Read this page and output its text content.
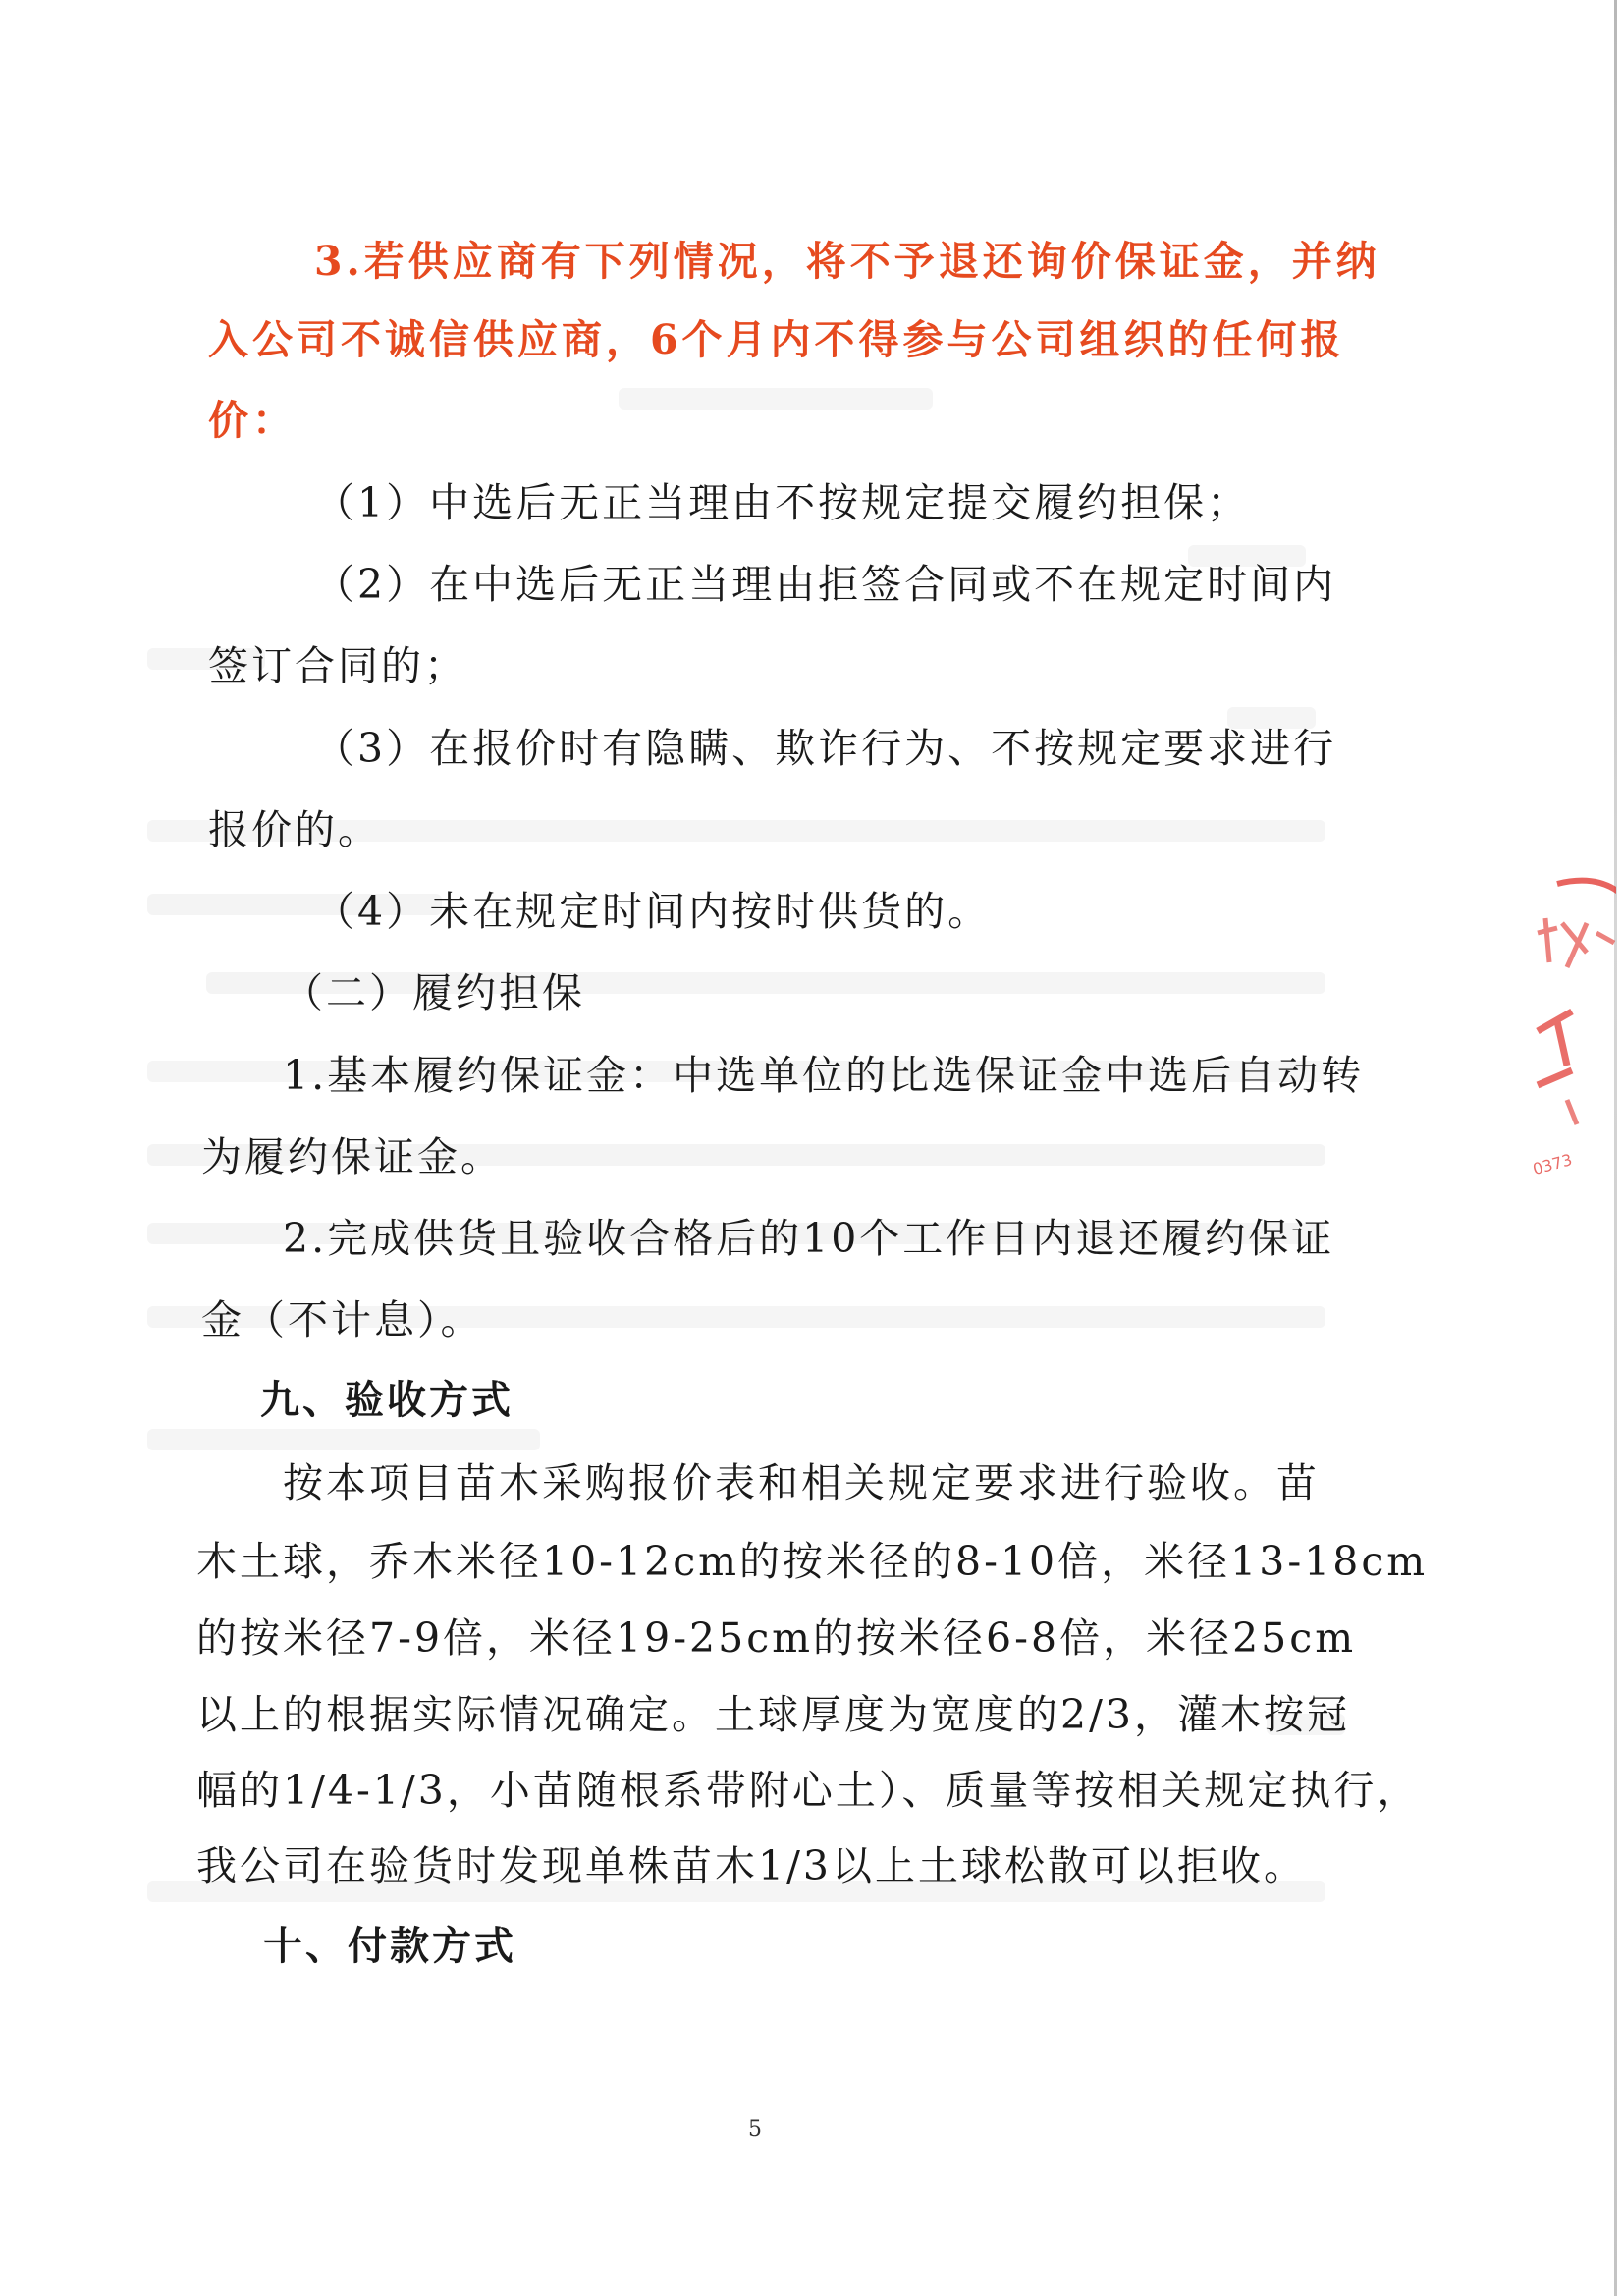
3.若供应商有下列情况，将不予退还询价保证金，并纳
入公司不诚信供应商，6个月内不得参与公司组织的任何报
价：
（1）中选后无正当理由不按规定提交履约担保；
（2）在中选后无正当理由拒签合同或不在规定时间内
签订合同的；
（3）在报价时有隐瞒、欺诈行为、不按规定要求进行
报价的。
（4）未在规定时间内按时供货的。
（二）履约担保
1.基本履约保证金：中选单位的比选保证金中选后自动转
为履约保证金。
2.完成供货且验收合格后的10个工作日内退还履约保证
金（不计息）。
九、验收方式
按本项目苗木采购报价表和相关规定要求进行验收。苗
木土球，乔木米径10-12cm的按米径的8-10倍，米径13-18cm
的按米径7-9倍，米径19-25cm的按米径6-8倍，米径25cm
以上的根据实际情况确定。土球厚度为宽度的2/3，灌木按冠
幅的1/4-1/3，小苗随根系带附心土）、质量等按相关规定执行，
我公司在验货时发现单株苗木1/3以上土球松散可以拒收。
十、付款方式
0373
5
